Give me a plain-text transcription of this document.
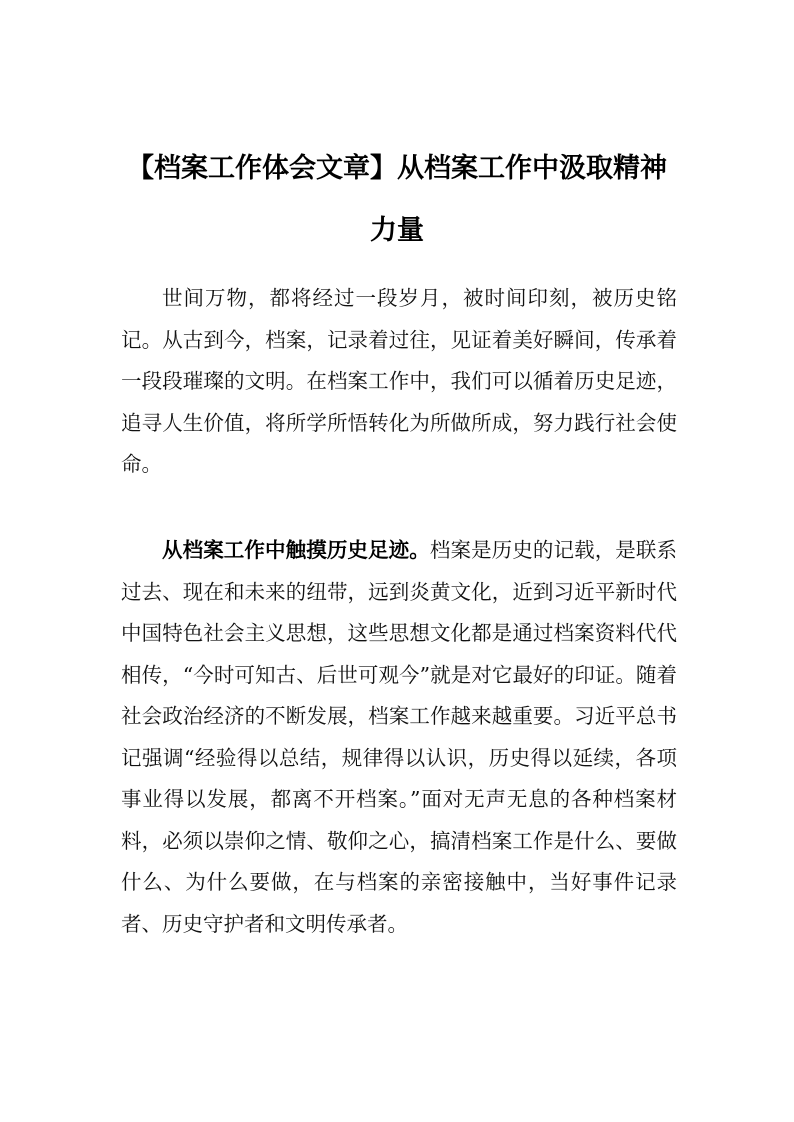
【档案工作体会文章】从档案工作中汲取精神力量

世间万物，都将经过一段岁月，被时间印刻，被历史铭记。从古到今，档案，记录着过往，见证着美好瞬间，传承着一段段璀璨的文明。在档案工作中，我们可以循着历史足迹，追寻人生价值，将所学所悟转化为所做所成，努力践行社会使命。

从档案工作中触摸历史足迹。档案是历史的记载，是联系过去、现在和未来的纽带，远到炎黄文化，近到习近平新时代中国特色社会主义思想，这些思想文化都是通过档案资料代代相传，“今时可知古、后世可观今”就是对它最好的印证。随着社会政治经济的不断发展，档案工作越来越重要。习近平总书记强调“经验得以总结，规律得以认识，历史得以延续，各项事业得以发展，都离不开档案。”面对无声无息的各种档案材料，必须以崇仰之情、敬仰之心，搞清档案工作是什么、要做什么、为什么要做，在与档案的亲密接触中，当好事件记录者、历史守护者和文明传承者。
